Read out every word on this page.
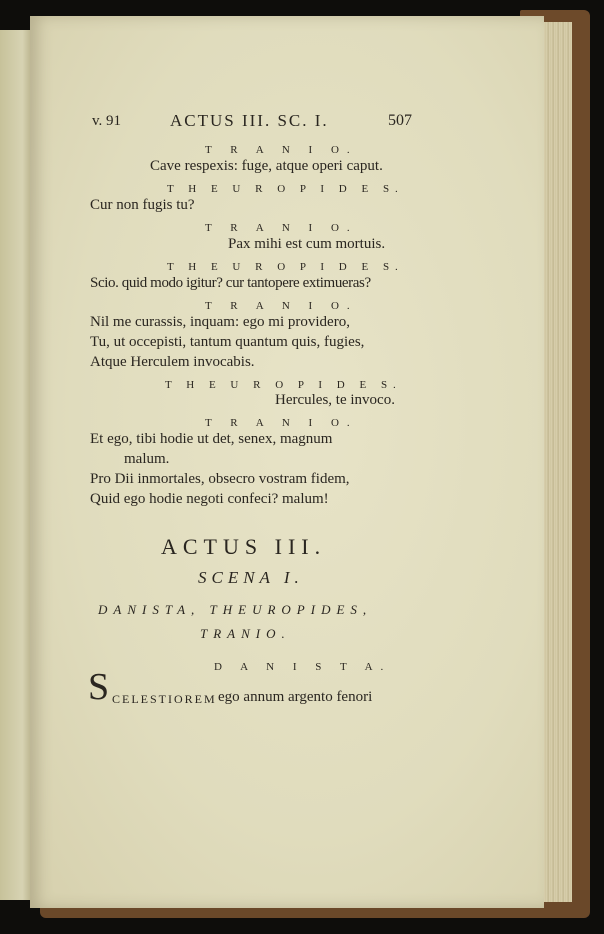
v. 91	ACTUS III. SC. I.	507
T R A N I O.
Cave respexis: fuge, atque operi caput.
T H E U R O P I D E S.
Cur non fugis tu?
T R A N I O.
Pax mihi est cum mortuis.
T H E U R O P I D E S.
Scio. quid modo igitur? cur tantopere extimueras?
T R A N I O.
Nil me curassis, inquam: ego mi providero,
Tu, ut occepisti, tantum quantum quis, fugies,
Atque Herculem invocabis.
T H E U R O P I D E S.
Hercules, te invoco.
T R A N I O.
Et ego, tibi hodie ut det, senex, magnum
malum.
Pro Dii inmortales, obsecro vostram fidem,
Quid ego hodie negoti confeci? malum!
ACTUS III.
SCENA I.
DANISTA, THEUROPIDES,
TRANIO.
D A N I S T A.
S CELESTIOREM ego annum argento fenori
